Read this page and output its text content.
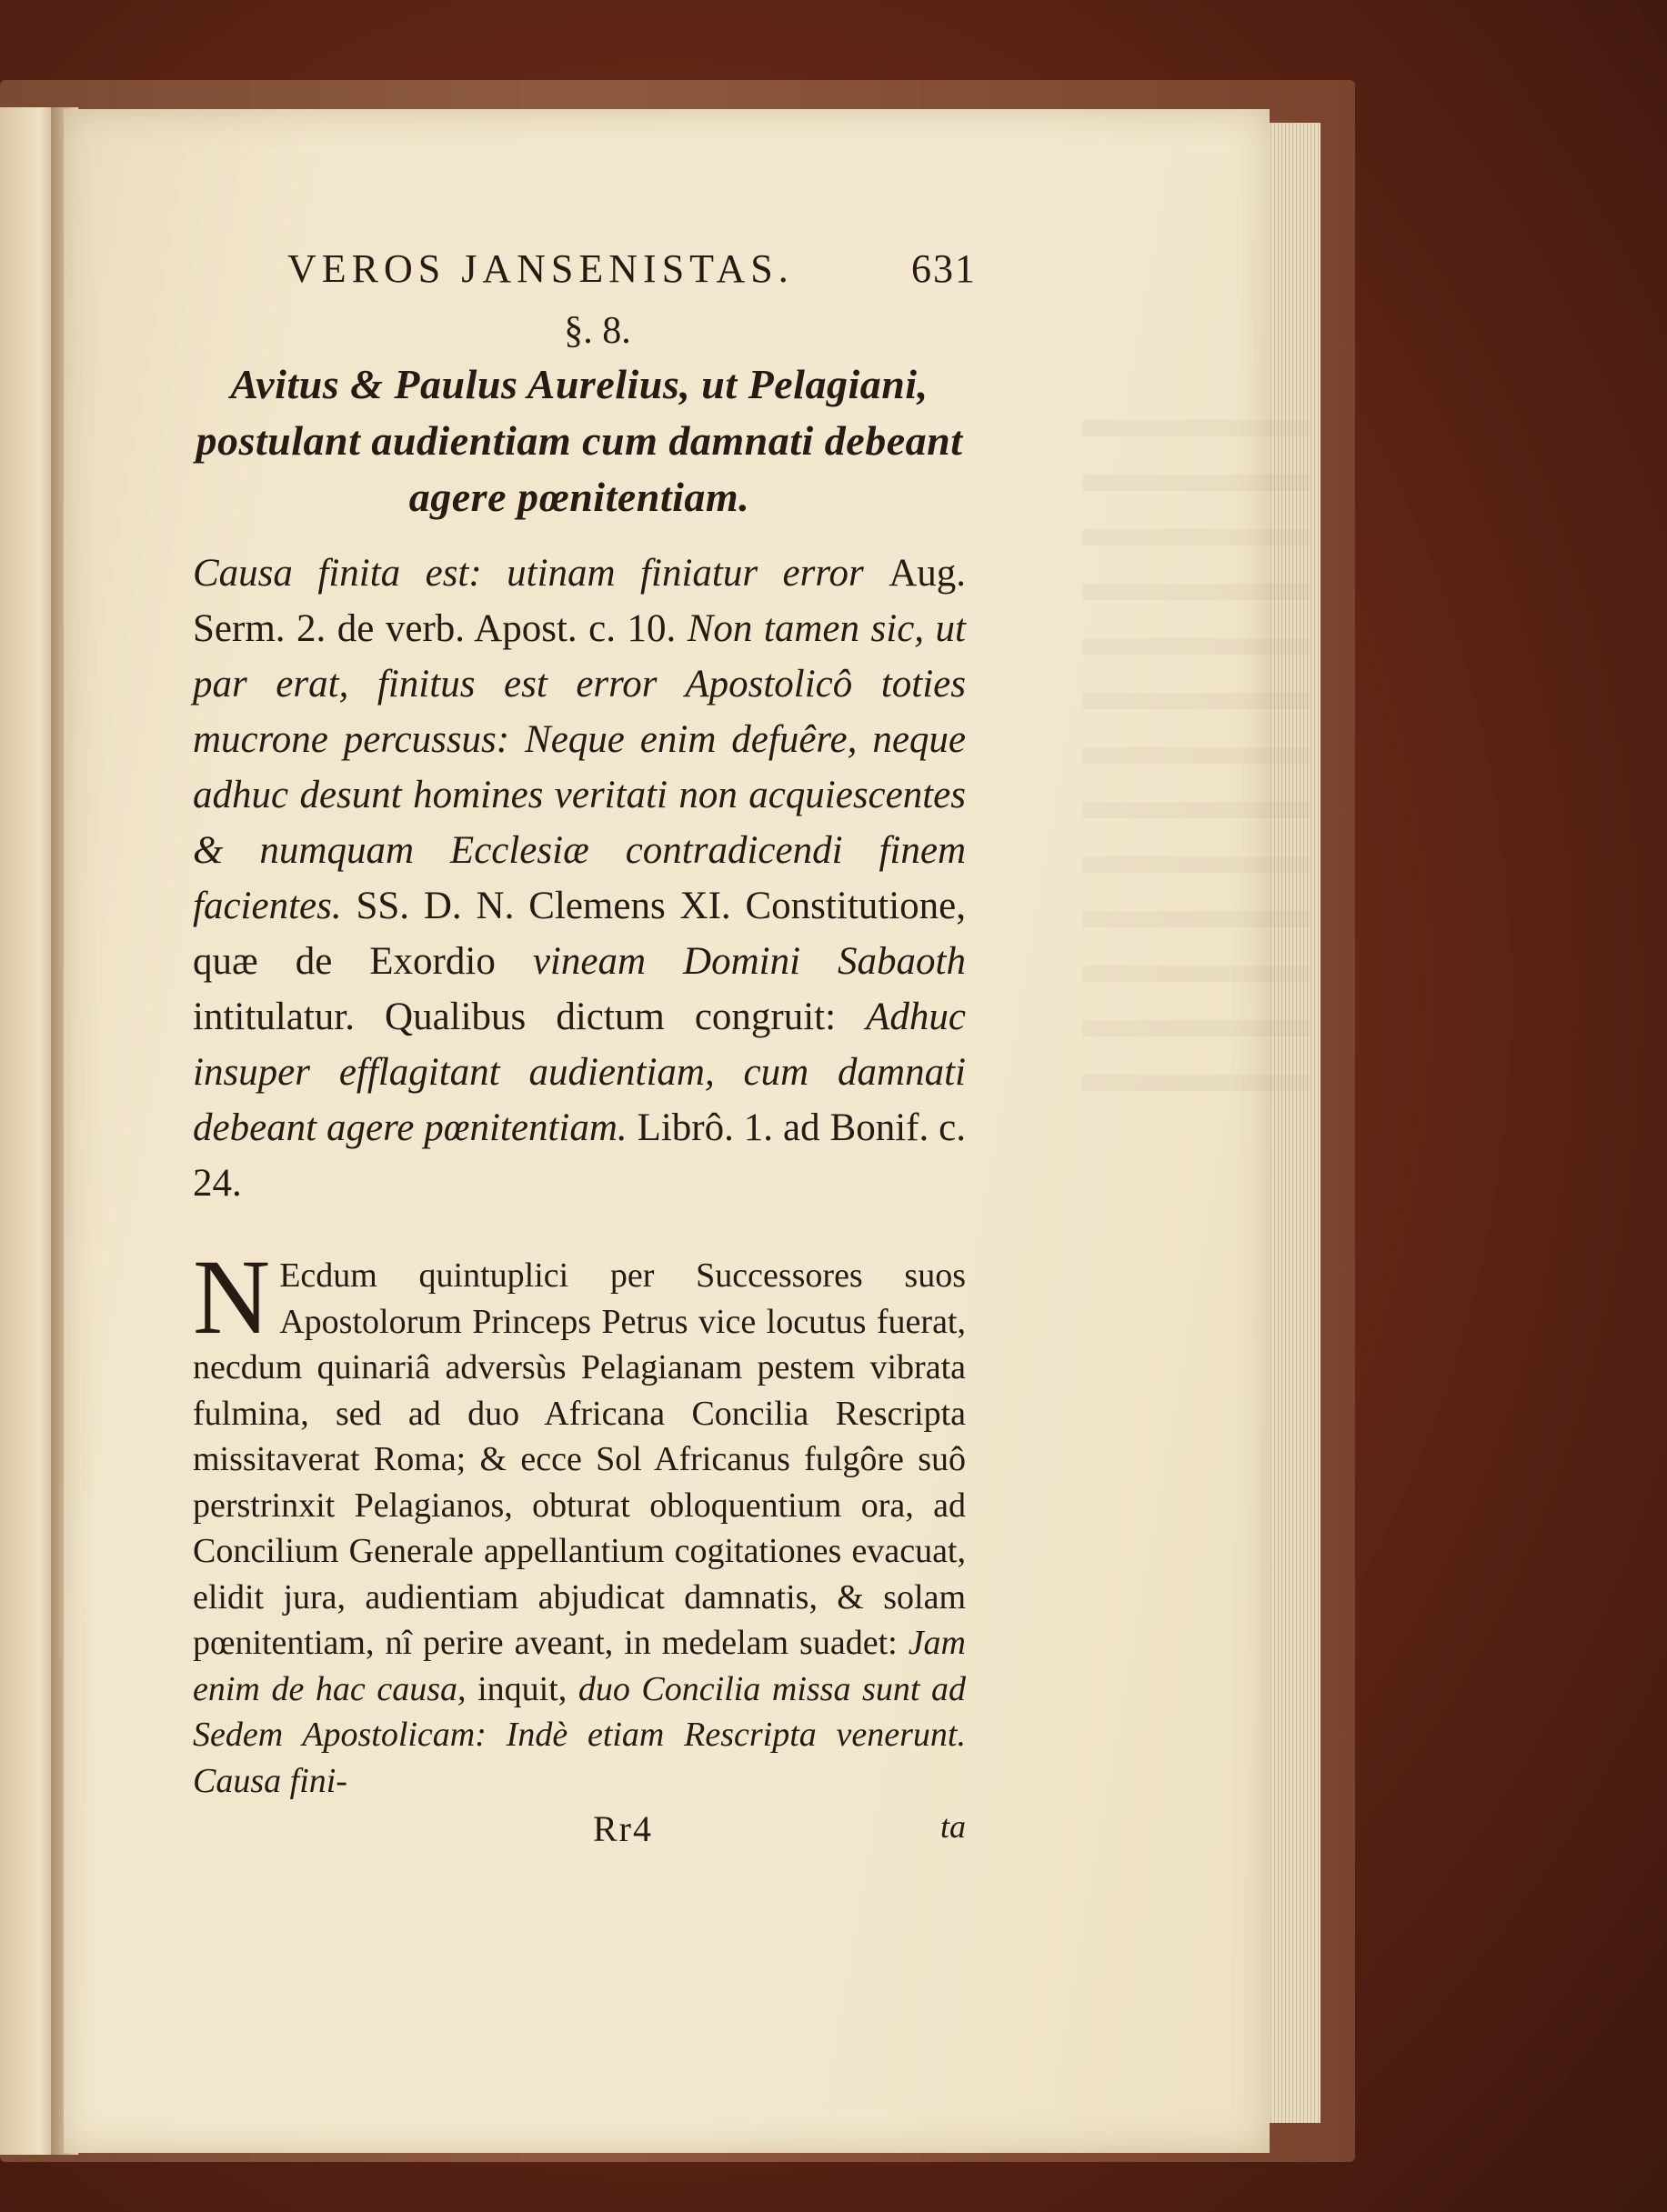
VEROS JANSENISTAS.	631
§. 8.
Avitus & Paulus Aurelius, ut Pelagiani, postulant audientiam cum damnati debeant agere pœnitentiam.
Causa finita est: utinam finiatur error Aug. Serm. 2. de verb. Apost. c. 10. Non tamen sic, ut par erat, finitus est error Apostolicô toties mucrone percussus: Neque enim defuêre, neque adhuc desunt homines veritati non acquiescentes & numquam Ecclesiæ contradicendi finem facientes. SS. D. N. Clemens XI. Constitutione, quæ de Exordio vineam Domini Sabaoth intitulatur. Qualibus dictum congruit: Adhuc insuper efflagitant audientiam, cum damnati debeant agere pœnitentiam. Librô. 1. ad Bonif. c. 24.
N Ecdum quintuplici per Successores suos Apostolorum Princeps Petrus vice locutus fuerat, necdum quinariâ adversùs Pelagianam pestem vibrata fulmina, sed ad duo Africana Concilia Rescripta missitaverat Roma; & ecce Sol Africanus fulgôre suô perstrinxit Pelagianos, obturat obloquentium ora, ad Concilium Generale appellantium cogitationes evacuat, elidit jura, audientiam abjudicat damnatis, & solam pœnitentiam, nî perire aveant, in medelam suadet: Jam enim de hac causa, inquit, duo Concilia missa sunt ad Sedem Apostolicam: Indè etiam Rescripta venerunt. Causa fini-
Rr4	ta
